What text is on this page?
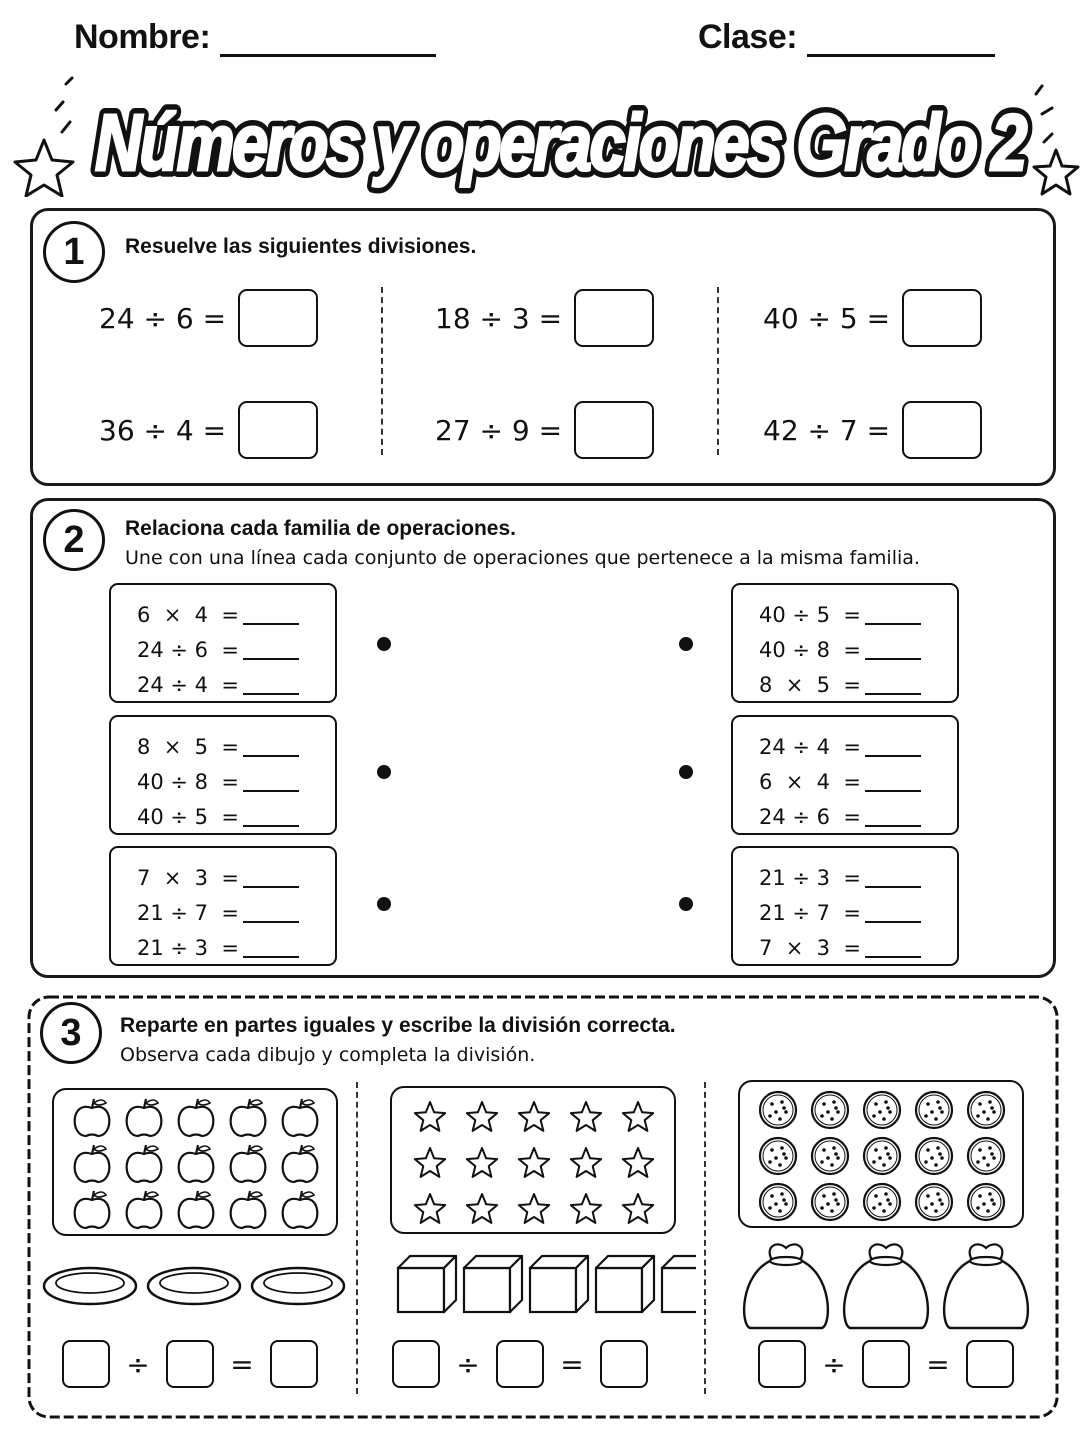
Nombre:	Clase:
Números y operaciones Grado 2
Números y operaciones Grado 2
1	Resuelve las siguientes divisiones.
24 ÷ 6 =	18 ÷ 3 =	40 ÷ 5 =
36 ÷ 4 =	27 ÷ 9 =	42 ÷ 7 =
2	Relaciona cada familia de operaciones.
Une con una línea cada conjunto de operaciones que pertenece a la misma familia.
6  ×  4  =
24 ÷ 6  =
24 ÷ 4  =
8  ×  5  =
40 ÷ 8  =
40 ÷ 5  =
7  ×  3  =
21 ÷ 7  =
21 ÷ 3  =
40 ÷ 5  =
40 ÷ 8  =
8  ×  5  =
24 ÷ 4  =
6  ×  4  =
24 ÷ 6  =
21 ÷ 3  =
21 ÷ 7  =
7  ×  3  =
3	Reparte en partes iguales y escribe la división correcta.
Observa cada dibujo y completa la división.
÷	=	÷	=	÷	=
